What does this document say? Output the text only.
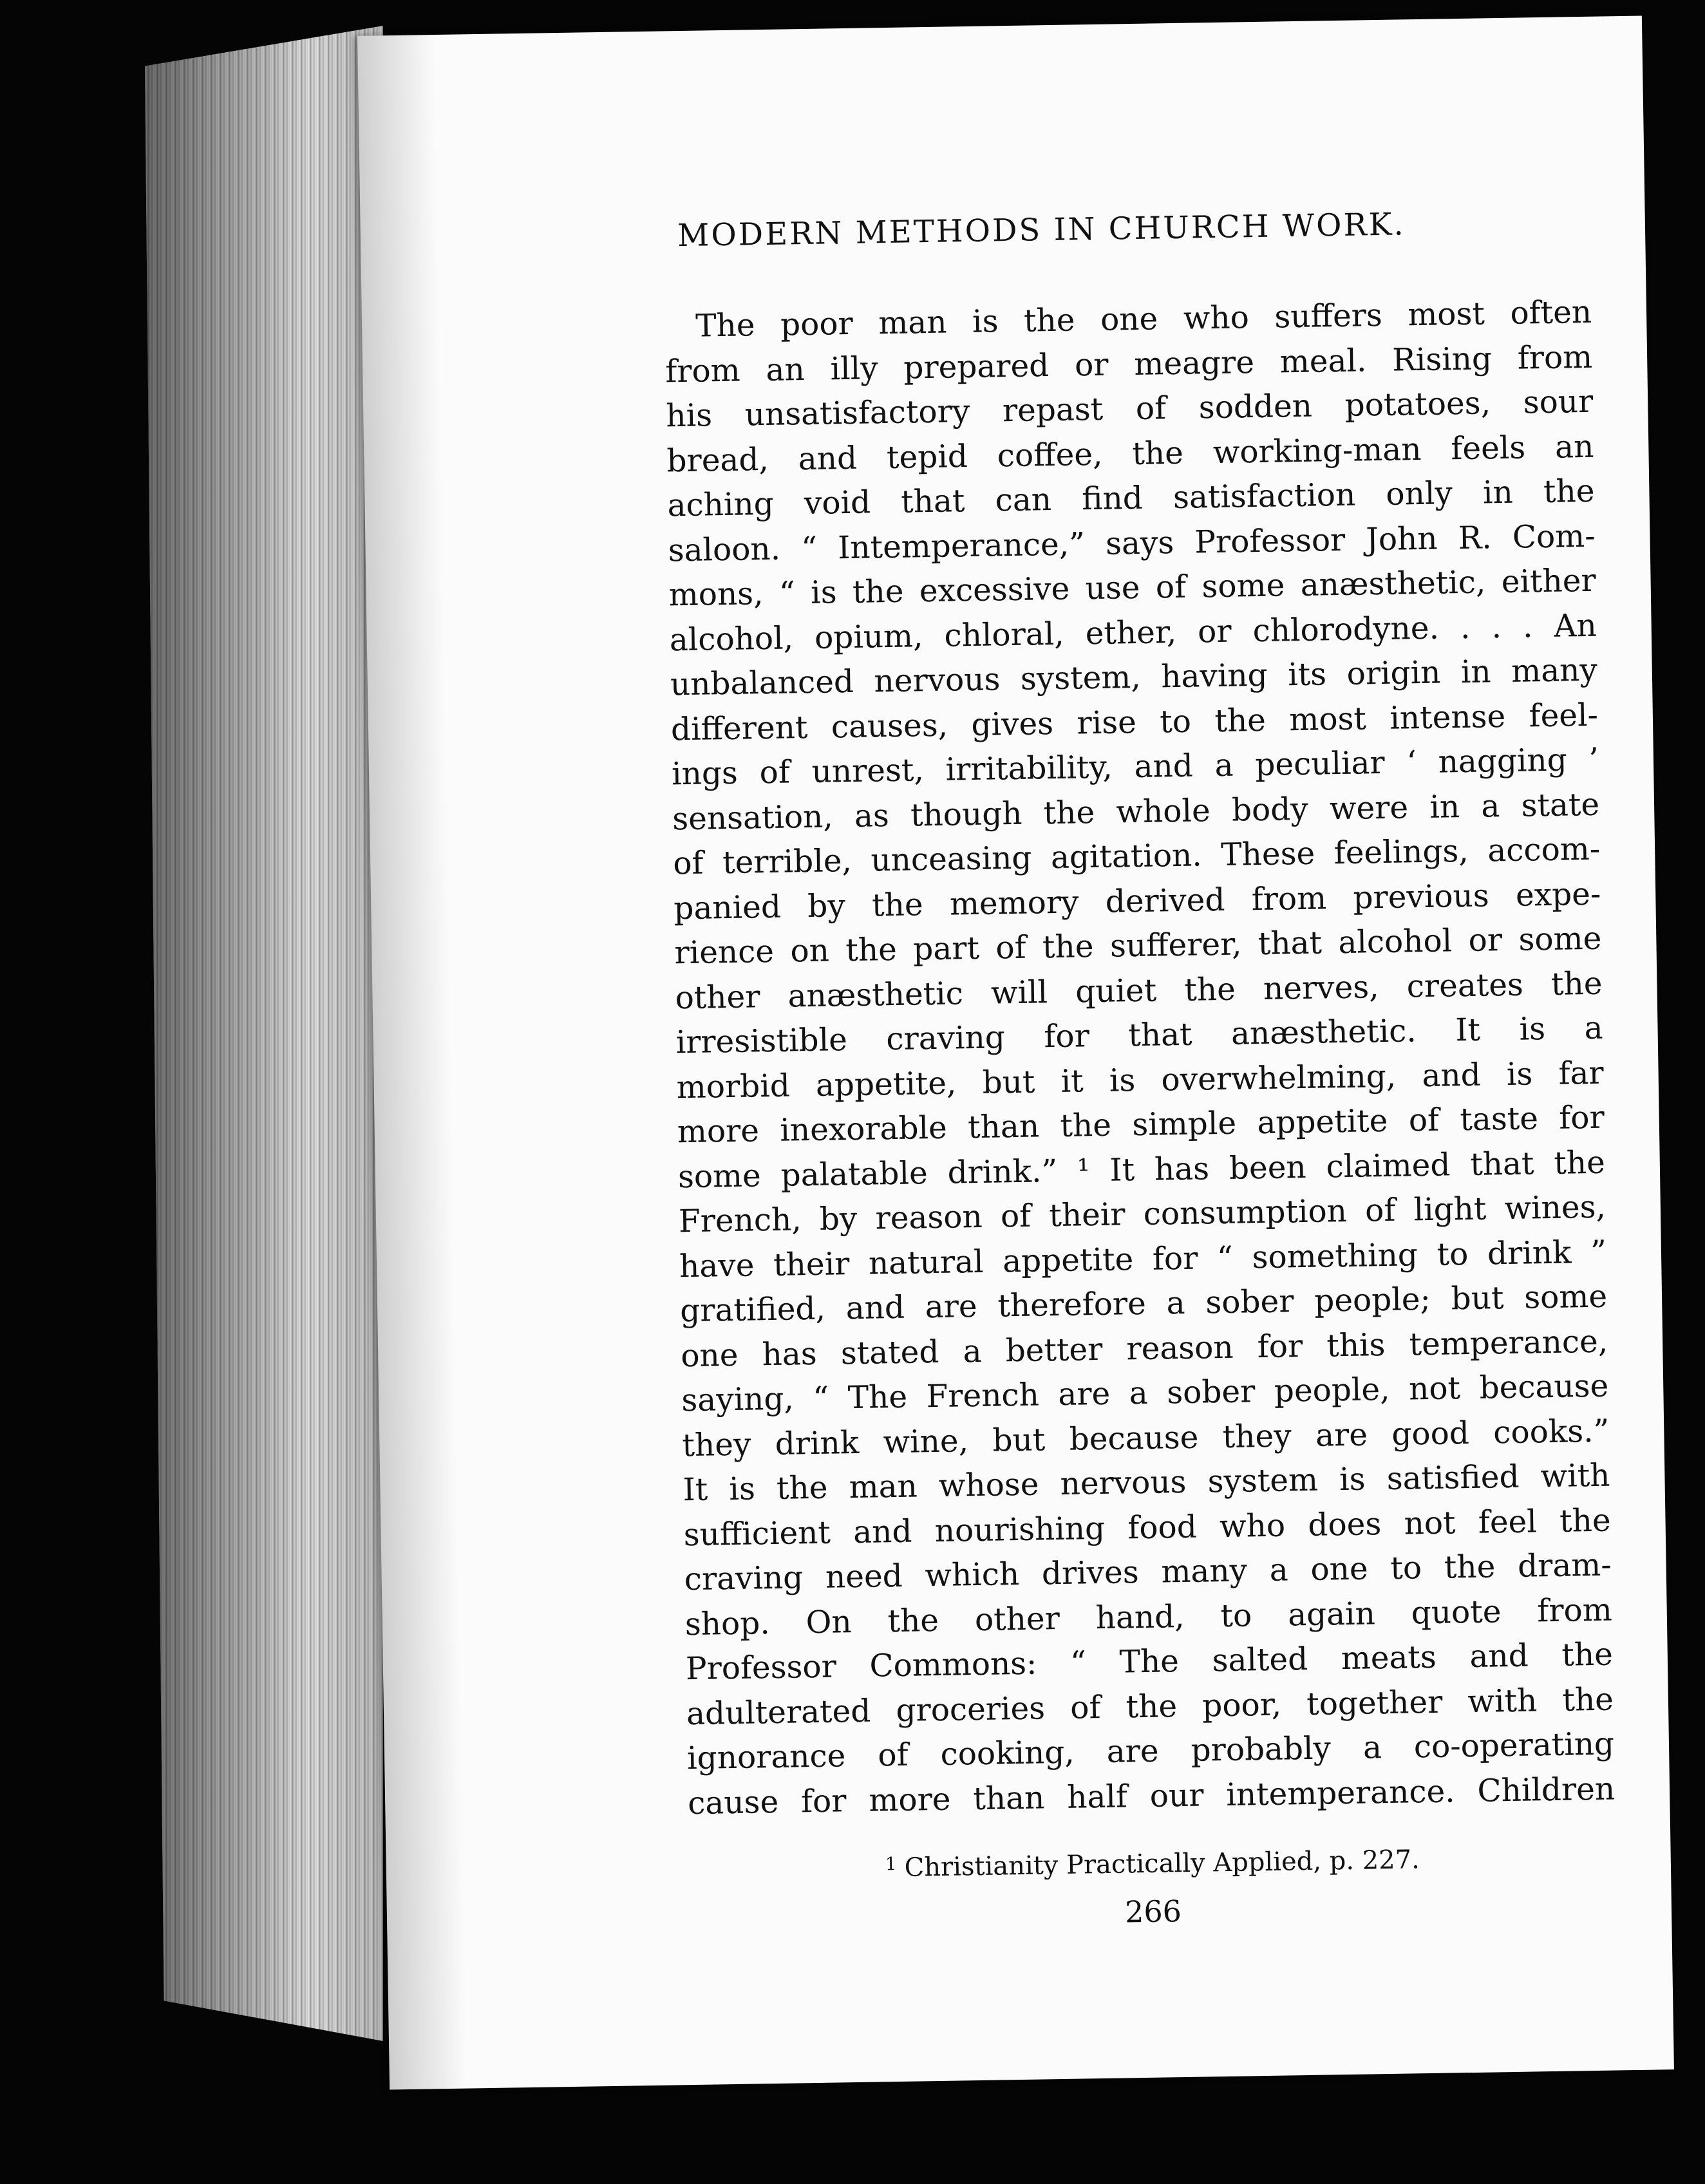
MODERN METHODS IN CHURCH WORK.
The poor man is the one who suffers most often
from an illy prepared or meagre meal. Rising from
his unsatisfactory repast of sodden potatoes, sour
bread, and tepid coffee, the working-man feels an
aching void that can find satisfaction only in the
saloon. “ Intemperance,” says Professor John R. Com-
mons, “ is the excessive use of some anæsthetic, either
alcohol, opium, chloral, ether, or chlorodyne. . . . An
unbalanced nervous system, having its origin in many
different causes, gives rise to the most intense feel-
ings of unrest, irritability, and a peculiar ‘ nagging ’
sensation, as though the whole body were in a state
of terrible, unceasing agitation. These feelings, accom-
panied by the memory derived from previous expe-
rience on the part of the sufferer, that alcohol or some
other anæsthetic will quiet the nerves, creates the
irresistible craving for that anæsthetic. It is a
morbid appetite, but it is overwhelming, and is far
more inexorable than the simple appetite of taste for
some palatable drink.” ¹ It has been claimed that the
French, by reason of their consumption of light wines,
have their natural appetite for “ something to drink ”
gratified, and are therefore a sober people; but some
one has stated a better reason for this temperance,
saying, “ The French are a sober people, not because
they drink wine, but because they are good cooks.”
It is the man whose nervous system is satisfied with
sufficient and nourishing food who does not feel the
craving need which drives many a one to the dram-
shop. On the other hand, to again quote from
Professor Commons: “ The salted meats and the
adulterated groceries of the poor, together with the
ignorance of cooking, are probably a co-operating
cause for more than half our intemperance. Children
$^1$ Christianity Practically Applied, p. 227.
266
